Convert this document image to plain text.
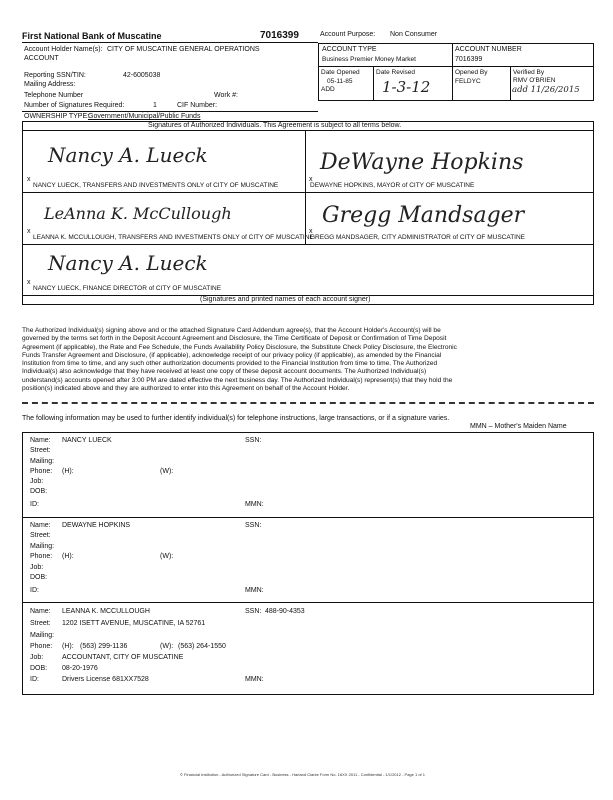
First National Bank of Muscatine	7016399	Account Purpose: Non Consumer
Account Holder Name(s): CITY OF MUSCATINE GENERAL OPERATIONS
ACCOUNT
Reporting SSN/TIN:	42-6005038
Mailing Address:
Telephone Number	Work #:
Number of Signatures Required:	1	CIF Number:
OWNERSHIP TYPE:
Government/Municipal/Public Funds
ACCOUNT TYPE
Business Premier Money Market
ACCOUNT NUMBER
7016399
Date Opened
05-11-85
ADD
Date Revised
1-3-12
Opened By
FELDYC
Verified By
RMV O'BRIEN
add 11/26/2015
Signatures of Authorized Individuals. This Agreement is subject to all terms below.
x
Nancy A. Lueck
NANCY LUECK, TRANSFERS AND INVESTMENTS ONLY of CITY OF MUSCATINE
x
DeWayne Hopkins
DEWAYNE HOPKINS, MAYOR of CITY OF MUSCATINE
x
LeAnna K. McCullough
LEANNA K. MCCULLOUGH, TRANSFERS AND INVESTMENTS ONLY of CITY OF MUSCATINE
x
Gregg Mandsager
GREGG MANDSAGER, CITY ADMINISTRATOR of CITY OF MUSCATINE
x
Nancy A. Lueck
NANCY LUECK, FINANCE DIRECTOR of CITY OF MUSCATINE
(Signatures and printed names of each account signer)
The Authorized Individual(s) signing above and or the attached Signature Card Addendum agree(s), that the Account Holder's Account(s) will be
governed by the terms set forth in the Deposit Account Agreement and Disclosure, the Time Certificate of Deposit or Confirmation of Time Deposit
Agreement (if applicable), the Rate and Fee Schedule, the Funds Availability Policy Disclosure, the Substitute Check Policy Disclosure, the Electronic
Funds Transfer Agreement and Disclosure, (if applicable), acknowledge receipt of our privacy policy (if applicable), as amended by the Financial
Institution from time to time, and any such other authorization documents provided to the Financial Institution from time to time. The Authorized
Individual(s) also acknowledge that they have received at least one copy of these deposit account documents. The Authorized Individual(s)
understand(s) accounts opened after 3:00 PM are dated effective the next business day. The Authorized Individual(s) represent(s) that they hold the
position(s) indicated above and they are authorized to enter into this Agreement on behalf of the Account Holder.
The following information may be used to further identify individual(s) for telephone instructions, large transactions, or if a signature varies.
MMN – Mother's Maiden Name
Name: NANCY LUECK	SSN:
Street:
Mailing:
Phone: (H):	(W):
Job:
DOB:
ID:	MMN:
Name: DEWAYNE HOPKINS	SSN:
Street:
Mailing:
Phone: (H):	(W):
Job:
DOB:
ID:	MMN:
Name: LEANNA K. MCCULLOUGH	SSN: 488-90-4353
Street: 1202 ISETT AVENUE, MUSCATINE, IA 52761
Mailing:
Phone: (H): (563) 299-1136	(W): (563) 264-1550
Job:	ACCOUNTANT, CITY OF MUSCATINE
DOB: 08-20-1976
ID:	Drivers License 681XX7528	MMN:
© Financial Institution - Authorized Signature Card - Business - Harland Clarke Form No. 16XX 2011 - Confidential - 1/1/2012 - Page 1 of 1
